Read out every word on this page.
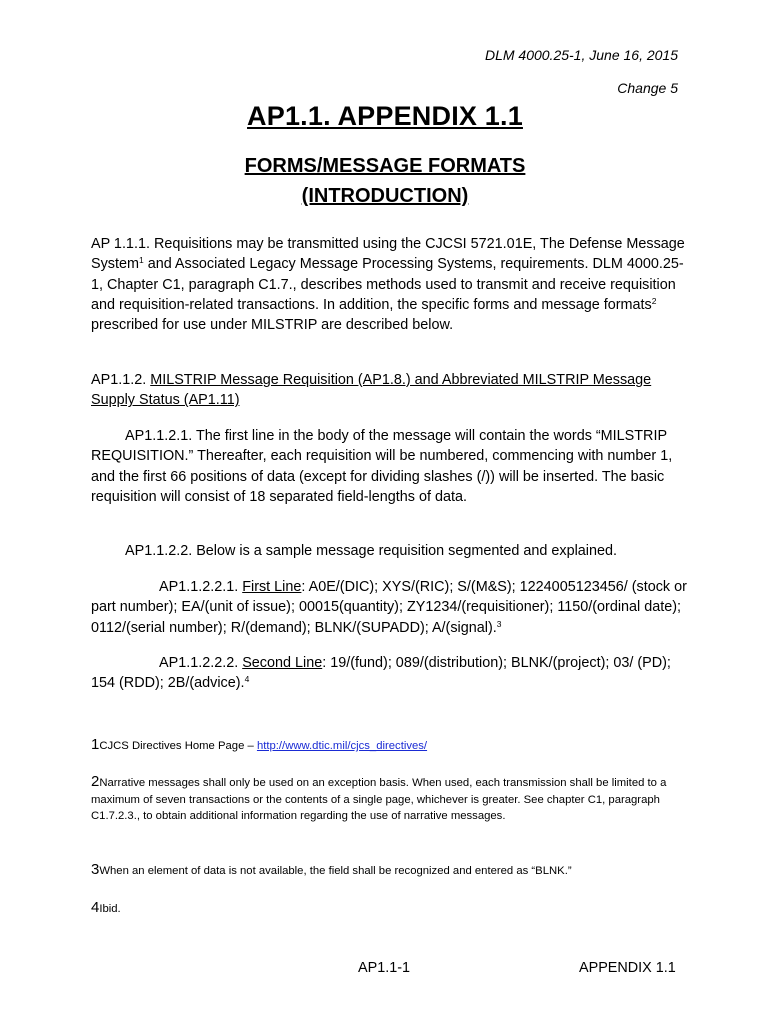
DLM 4000.25-1, June 16, 2015
Change 5
AP1.1. APPENDIX 1.1
FORMS/MESSAGE FORMATS
(INTRODUCTION)
AP 1.1.1. Requisitions may be transmitted using the CJCSI 5721.01E, The Defense Message System$^1$ and Associated Legacy Message Processing Systems, requirements. DLM 4000.25-1, Chapter C1, paragraph C1.7., describes methods used to transmit and receive requisition and requisition-related transactions. In addition, the specific forms and message formats$^2$ prescribed for use under MILSTRIP are described below.
AP1.1.2. MILSTRIP Message Requisition (AP1.8.) and Abbreviated MILSTRIP Message Supply Status (AP1.11)
AP1.1.2.1. The first line in the body of the message will contain the words “MILSTRIP REQUISITION.” Thereafter, each requisition will be numbered, commencing with number 1, and the first 66 positions of data (except for dividing slashes (/)) will be inserted. The basic requisition will consist of 18 separated field-lengths of data.
AP1.1.2.2. Below is a sample message requisition segmented and explained.
AP1.1.2.2.1. First Line: A0E/(DIC); XYS/(RIC); S/(M&S); 1224005123456/ (stock or part number); EA/(unit of issue); 00015(quantity); ZY1234/(requisitioner); 1150/(ordinal date); 0112/(serial number); R/(demand); BLNK/(SUPADD); A/(signal).$^3$
AP1.1.2.2.2. Second Line: 19/(fund); 089/(distribution); BLNK/(project); 03/ (PD); 154 (RDD); 2B/(advice).$^4$
1CJCS Directives Home Page – http://www.dtic.mil/cjcs_directives/
2Narrative messages shall only be used on an exception basis. When used, each transmission shall be limited to a maximum of seven transactions or the contents of a single page, whichever is greater. See chapter C1, paragraph C1.7.2.3., to obtain additional information regarding the use of narrative messages.
3When an element of data is not available, the field shall be recognized and entered as “BLNK.”
4Ibid.
AP1.1-1	APPENDIX 1.1
